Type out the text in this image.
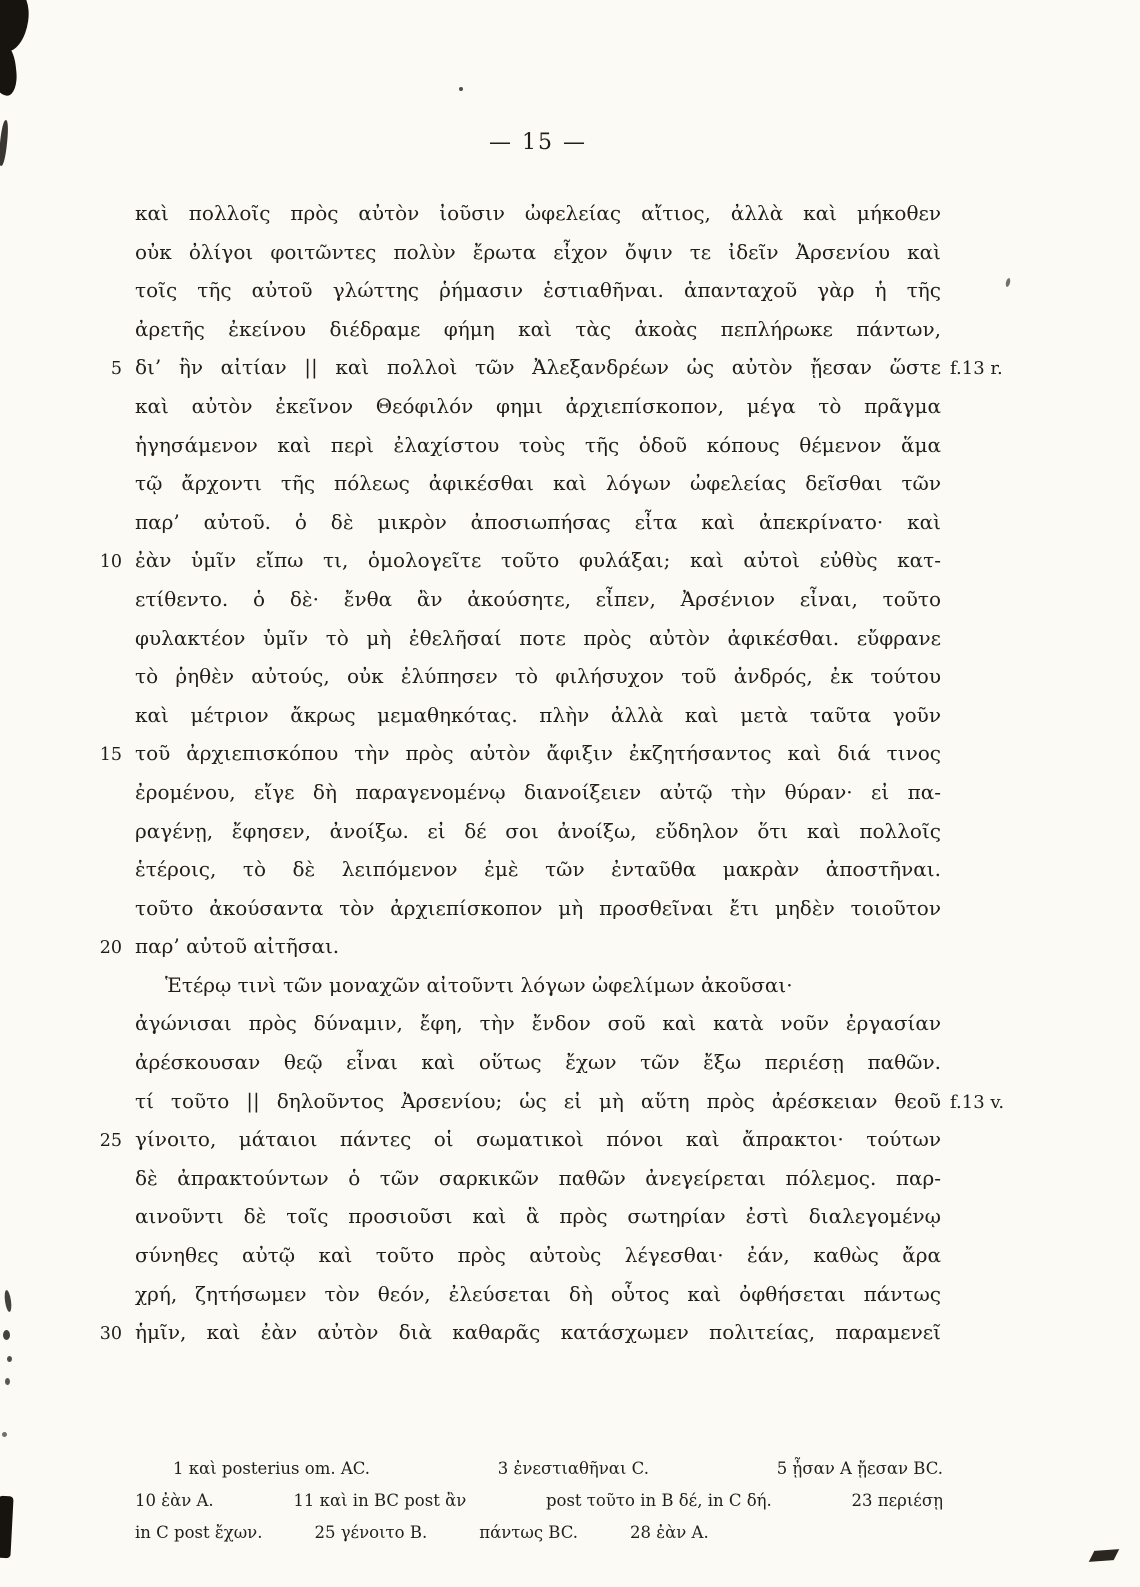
— 15 —
καὶ πολλοῖς πρὸς αὐτὸν ἰοῦσιν ὠφελείας αἴτιος, ἀλλὰ καὶ μήκοθεν
οὐκ ὀλίγοι φοιτῶντες πολὺν ἔρωτα εἶχον ὄψιν τε ἰδεῖν Ἀρσενίου καὶ
τοῖς τῆς αὐτοῦ γλώττης ῥήμασιν ἑστιαθῆναι. ἁπανταχοῦ γὰρ ἡ τῆς
ἀρετῆς ἐκείνου διέδραμε φήμη καὶ τὰς ἀκοὰς πεπλήρωκε πάντων,
5 δι’ ἣν αἰτίαν || καὶ πολλοὶ τῶν Ἀλεξανδρέων ὡς αὐτὸν ᾔεσαν ὥστε f.13 r.
καὶ αὐτὸν ἐκεῖνον Θεόφιλόν φημι ἀρχιεπίσκοπον, μέγα τὸ πρᾶγμα
ἡγησάμενον καὶ περὶ ἐλαχίστου τοὺς τῆς ὁδοῦ κόπους θέμενον ἅμα
τῷ ἄρχοντι τῆς πόλεως ἀφικέσθαι καὶ λόγων ὠφελείας δεῖσθαι τῶν
παρ’ αὐτοῦ. ὁ δὲ μικρὸν ἀποσιωπήσας εἶτα καὶ ἀπεκρίνατο· καὶ
10 ἐὰν ὑμῖν εἴπω τι, ὁμολογεῖτε τοῦτο φυλάξαι; καὶ αὐτοὶ εὐθὺς κατ-
ετίθεντο. ὁ δὲ· ἔνθα ἂν ἀκούσητε, εἶπεν, Ἀρσένιον εἶναι, τοῦτο
φυλακτέον ὑμῖν τὸ μὴ ἐθελῆσαί ποτε πρὸς αὐτὸν ἀφικέσθαι. εὔφρανε
τὸ ῥηθὲν αὐτούς, οὐκ ἐλύπησεν τὸ φιλήσυχον τοῦ ἀνδρός, ἐκ τούτου
καὶ μέτριον ἄκρως μεμαθηκότας. πλὴν ἀλλὰ καὶ μετὰ ταῦτα γοῦν
15 τοῦ ἀρχιεπισκόπου τὴν πρὸς αὐτὸν ἄφιξιν ἐκζητήσαντος καὶ διά τινος
ἐρομένου, εἴγε δὴ παραγενομένῳ διανοίξειεν αὐτῷ τὴν θύραν· εἰ πα-
ραγένῃ, ἔφησεν, ἀνοίξω. εἰ δέ σοι ἀνοίξω, εὔδηλον ὅτι καὶ πολλοῖς
ἑτέροις, τὸ δὲ λειπόμενον ἐμὲ τῶν ἐνταῦθα μακρὰν ἀποστῆναι.
τοῦτο ἀκούσαντα τὸν ἀρχιεπίσκοπον μὴ προσθεῖναι ἔτι μηδὲν τοιοῦτον
20 παρ’ αὐτοῦ αἰτῆσαι.
Ἑτέρῳ τινὶ τῶν μοναχῶν αἰτοῦντι λόγων ὠφελίμων ἀκοῦσαι·
ἀγώνισαι πρὸς δύναμιν, ἔφη, τὴν ἔνδον σοῦ καὶ κατὰ νοῦν ἐργασίαν
ἀρέσκουσαν θεῷ εἶναι καὶ οὕτως ἔχων τῶν ἔξω περιέσῃ παθῶν.
τί τοῦτο || δηλοῦντος Ἀρσενίου; ὡς εἰ μὴ αὕτη πρὸς ἀρέσκειαν θεοῦ f.13 v.
25 γίνοιτο, μάταιοι πάντες οἱ σωματικοὶ πόνοι καὶ ἄπρακτοι· τούτων
δὲ ἀπρακτούντων ὁ τῶν σαρκικῶν παθῶν ἀνεγείρεται πόλεμος. παρ-
αινοῦντι δὲ τοῖς προσιοῦσι καὶ ἃ πρὸς σωτηρίαν ἐστὶ διαλεγομένῳ
σύνηθες αὐτῷ καὶ τοῦτο πρὸς αὐτοὺς λέγεσθαι· ἐάν, καθὼς ἄρα
χρή, ζητήσωμεν τὸν θεόν, ἐλεύσεται δὴ οὗτος καὶ ὀφθήσεται πάντως
30 ἡμῖν, καὶ ἐὰν αὐτὸν διὰ καθαρᾶς κατάσχωμεν πολιτείας, παραμενεῖ
1 καὶ posterius om. AC.	3 ἐνεστιαθῆναι C.	5 ᾖσαν A ᾔεσαν BC.
10 ἐὰν A.	11 καὶ in BC post ἂν	post τοῦτο in B δέ, in C δή.	23 περιέσῃ
in C post ἔχων.	25 γένοιτο B.	πάντως BC.	28 ἐὰν A.
